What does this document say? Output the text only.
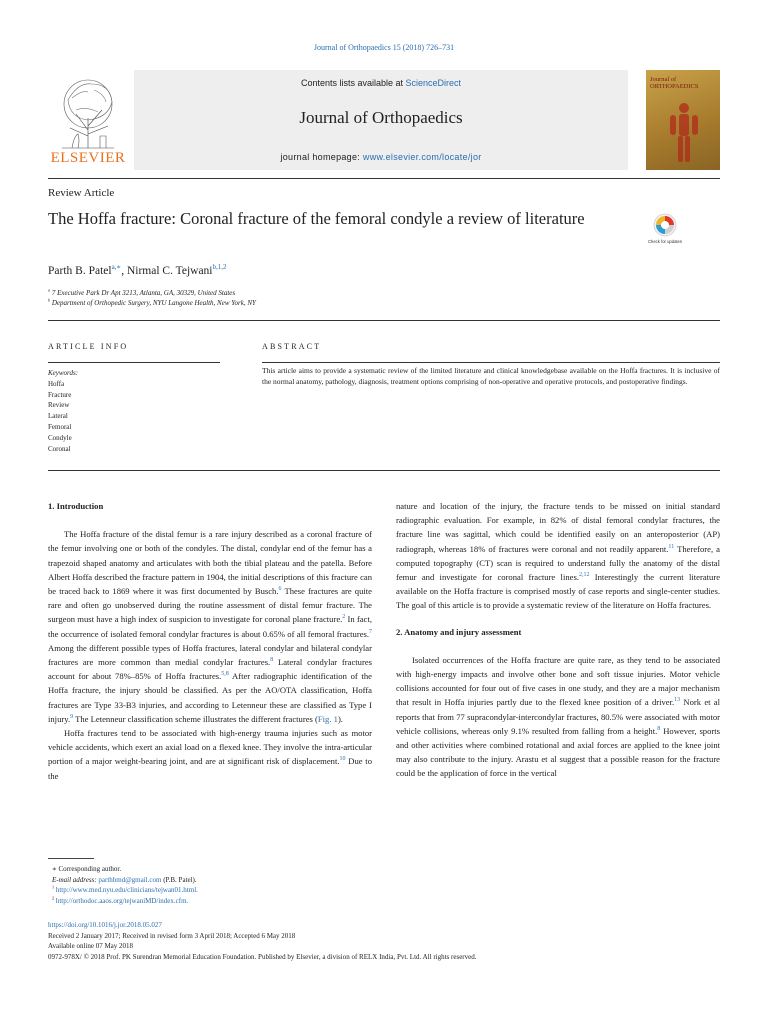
Journal of Orthopaedics 15 (2018) 726–731
ELSEVIER
Contents lists available at ScienceDirect
Journal of Orthopaedics
journal homepage: www.elsevier.com/locate/jor
Journal of ORTHOPAEDICS
Review Article
The Hoffa fracture: Coronal fracture of the femoral condyle a review of literature
Check for updates
Parth B. Patel$^{a,∗}$, Nirmal C. Tejwani$^{b,1,2}$
$^a$ 7 Executive Park Dr Apt 3213, Atlanta, GA, 30329, United States
$^b$ Department of Orthopedic Surgery, NYU Langone Health, New York, NY
ARTICLE INFO	ABSTRACT
Keywords:
Hoffa
Fracture
Review
Lateral
Femoral
Condyle
Coronal
This article aims to provide a systematic review of the limited literature and clinical knowledgebase available on the Hoffa fractures. It is inclusive of the normal anatomy, pathology, diagnosis, treatment options comprising of non-operative and operative protocols, and postoperative findings.
1. Introduction

The Hoffa fracture of the distal femur is a rare injury described as a coronal fracture of the femur involving one or both of the condyles. The distal, condylar end of the femur has a trapezoid shaped anatomy and articulates with both the tibial plateau and the patella. Before Albert Hoffa described the fracture pattern in 1904, the initial descriptions of this fracture can be traced back to 1869 where it was first documented by Busch.$^6$ These fractures are quite rare and often go unobserved during the routine assessment of distal femur fracture. The surgeon must have a high index of suspicion to investigate for coronal plane fracture.$^2$ In fact, the occurrence of isolated femoral condylar fractures is about 0.65% of all femoral fractures.$^7$ Among the different possible types of Hoffa fractures, lateral condylar and bilateral condylar fractures are more common than medial condylar fractures.$^8$ Lateral condylar fractures account for about 78%–85% of Hoffa fractures.$^{5,8}$ After radiographic identification of the Hoffa fracture, the injury should be classified. As per the AO/OTA classification, Hoffa fractures are Type 33-B3 injuries, and according to Letenneur these are classified as Type I injury.$^9$ The Letenneur classification scheme illustrates the different fractures (Fig. 1).

Hoffa fractures tend to be associated with high-energy trauma injuries such as motor vehicle accidents, which exert an axial load on a flexed knee. They involve the intra-articular portion of a major weight-bearing joint, and are at significant risk of displacement.$^{10}$ Due to the

nature and location of the injury, the fracture tends to be missed on initial standard radiographic evaluation. For example, in 82% of distal femoral condylar fractures, the fracture line was sagittal, which could be identified easily on an anteroposterior (AP) radiograph, whereas 18% of fractures were coronal and not readily apparent.$^{11}$ Therefore, a computed topography (CT) scan is required to understand fully the anatomy of the distal femur and investigate for coronal fracture lines.$^{2,12}$ Interestingly the current literature available on the Hoffa fracture is comprised mostly of case reports and single-center studies. The goal of this article is to provide a systematic review of the literature on Hoffa fractures.

2. Anatomy and injury assessment

Isolated occurrences of the Hoffa fracture are quite rare, as they tend to be associated with high-energy impacts and involve other bone and soft tissue injuries. Motor vehicle collisions accounted for four out of five cases in one study, and they are a major mechanism that result in Hoffa injuries partly due to the flexed knee position of a driver.$^{13}$ Nork et al reports that from 77 supracondylar-intercondylar fractures, 80.5% were associated with motor vehicle collisions, whereas only 9.1% resulted from falling from a height.$^8$ However, sports and other activities where combined rotational and axial forces are applied to the knee joint may also contribute to the injury. Arastu et al suggest that a possible reason for the fracture could be the application of force in the vertical

∗ Corresponding author.
E-mail address: parthbmd@gmail.com (P.B. Patel).
$^1$ http://www.med.nyu.edu/clinicians/tejwan01.html.
$^2$ http://orthodoc.aaos.org/tejwaniMD/index.cfm.
https://doi.org/10.1016/j.jor.2018.05.027
Received 2 January 2017; Received in revised form 3 April 2018; Accepted 6 May 2018
Available online 07 May 2018
0972-978X/ © 2018 Prof. PK Surendran Memorial Education Foundation. Published by Elsevier, a division of RELX India, Pvt. Ltd. All rights reserved.
